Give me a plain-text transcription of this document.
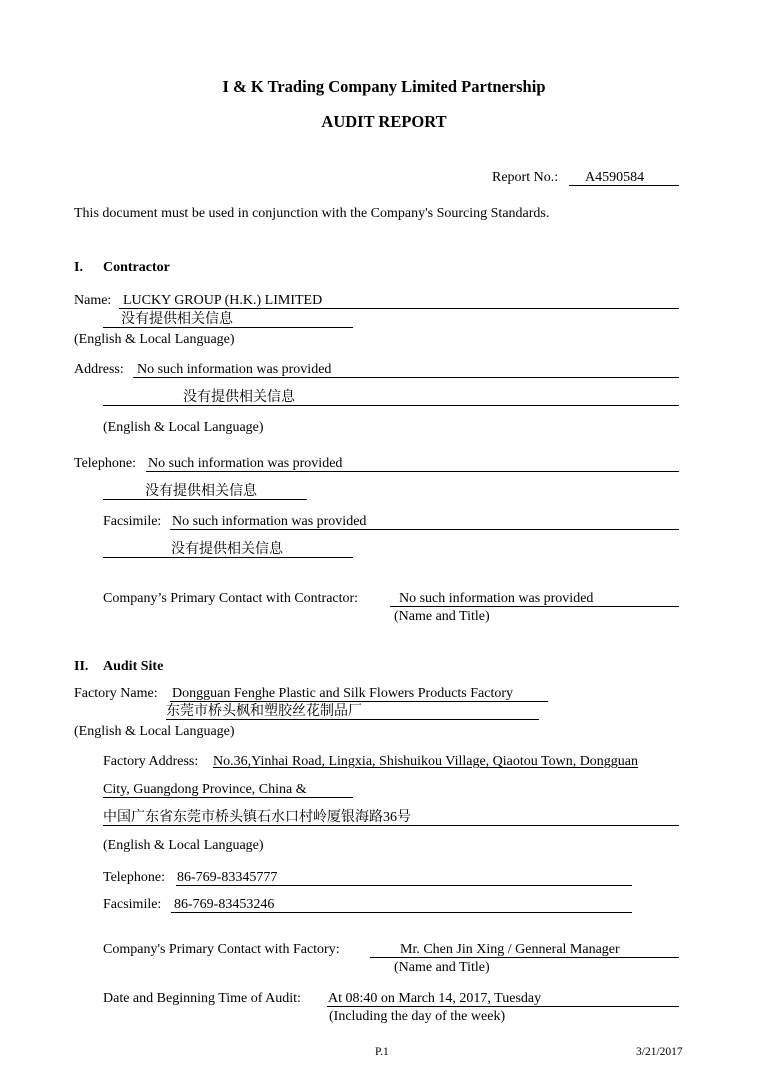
I & K Trading Company Limited Partnership
AUDIT REPORT
Report No.: A4590584
This document must be used in conjunction with the Company's Sourcing Standards.
I. Contractor
Name: LUCKY GROUP (H.K.) LIMITED
没有提供相关信息
(English & Local Language)
Address: No such information was provided
没有提供相关信息
(English & Local Language)
Telephone: No such information was provided
没有提供相关信息
Facsimile: No such information was provided
没有提供相关信息
Company’s Primary Contact with Contractor:	No such information was provided
(Name and Title)
II. Audit Site
Factory Name: Dongguan Fenghe Plastic and Silk Flowers Products Factory
东莞市桥头枫和塑胶丝花制品厂
(English & Local Language)
Factory Address: No.36,Yinhai Road, Lingxia, Shishuikou Village, Qiaotou Town, Dongguan
City, Guangdong Province, China &
中国广东省东莞市桥头镇石水口村岭厦银海路36号
(English & Local Language)
Telephone: 86-769-83345777
Facsimile: 86-769-83453246
Company's Primary Contact with Factory:	Mr. Chen Jin Xing / Genneral Manager
(Name and Title)
Date and Beginning Time of Audit: At 08:40 on March 14, 2017, Tuesday
(Including the day of the week)
P.1	3/21/2017
